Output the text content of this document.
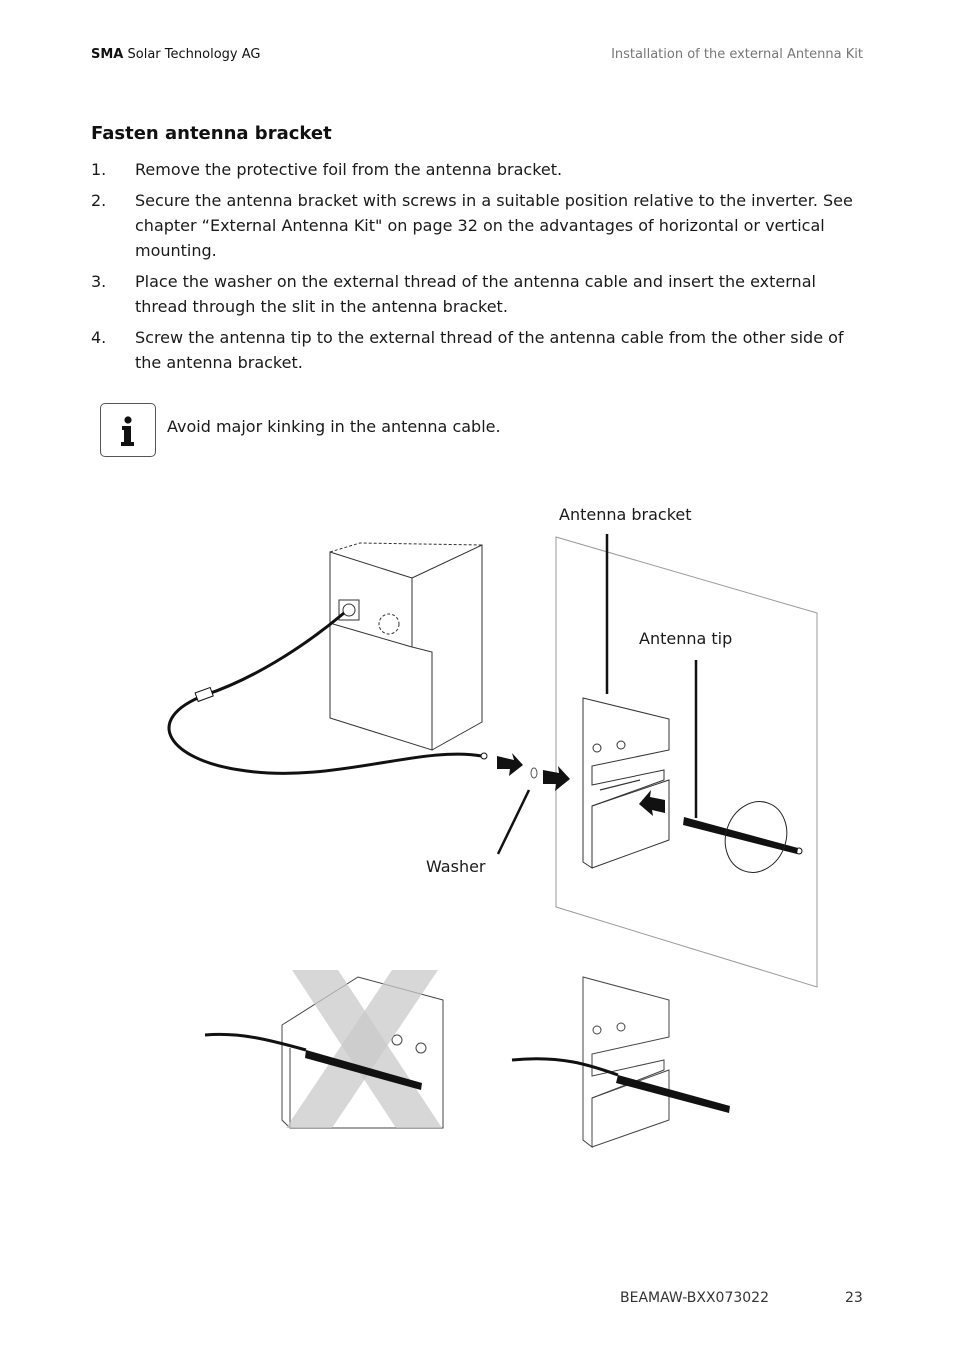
SMA Solar Technology AG	Installation of the external Antenna Kit
Fasten antenna bracket
1. Remove the protective foil from the antenna bracket.
2. Secure the antenna bracket with screws in a suitable position relative to the inverter. See chapter “External Antenna Kit" on page 32 on the advantages of horizontal or vertical mounting.
3. Place the washer on the external thread of the antenna cable and insert the external thread through the slit in the antenna bracket.
4. Screw the antenna tip to the external thread of the antenna cable from the other side of the antenna bracket.
Avoid major kinking in the antenna cable.
Antenna bracket
Antenna tip
Washer
BEAMAW-BXX073022	23
